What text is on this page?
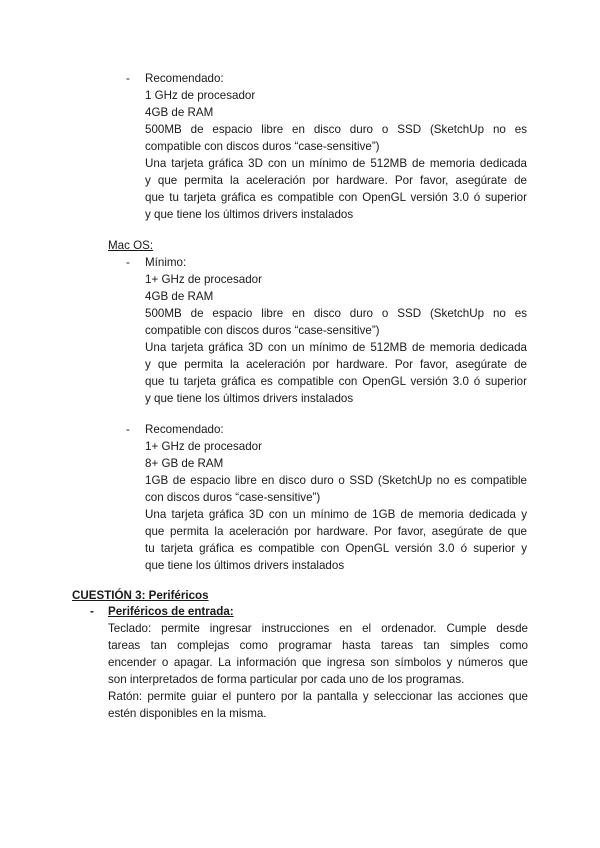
- Recomendado:
1 GHz de procesador
4GB de RAM
500MB de espacio libre en disco duro o SSD (SketchUp no es
compatible con discos duros “case-sensitive”)
Una tarjeta gráfica 3D con un mínimo de 512MB de memoria dedicada
y que permita la aceleración por hardware. Por favor, asegúrate de
que tu tarjeta gráfica es compatible con OpenGL versión 3.0 ó superior
y que tiene los últimos drivers instalados
Mac OS:
- Mínimo:
1+ GHz de procesador
4GB de RAM
500MB de espacio libre en disco duro o SSD (SketchUp no es
compatible con discos duros “case-sensitive”)
Una tarjeta gráfica 3D con un mínimo de 512MB de memoria dedicada
y que permita la aceleración por hardware. Por favor, asegúrate de
que tu tarjeta gráfica es compatible con OpenGL versión 3.0 ó superior
y que tiene los últimos drivers instalados
- Recomendado:
1+ GHz de procesador
8+ GB de RAM
1GB de espacio libre en disco duro o SSD (SketchUp no es compatible
con discos duros “case-sensitive”)
Una tarjeta gráfica 3D con un mínimo de 1GB de memoria dedicada y
que permita la aceleración por hardware. Por favor, asegúrate de que
tu tarjeta gráfica es compatible con OpenGL versión 3.0 ó superior y
que tiene los últimos drivers instalados
CUESTIÓN 3: Periféricos
- Periféricos de entrada:
Teclado: permite ingresar instrucciones en el ordenador. Cumple desde
tareas tan complejas como programar hasta tareas tan simples como
encender o apagar. La información que ingresa son símbolos y números que
son interpretados de forma particular por cada uno de los programas.
Ratón: permite guiar el puntero por la pantalla y seleccionar las acciones que
estén disponibles en la misma.
